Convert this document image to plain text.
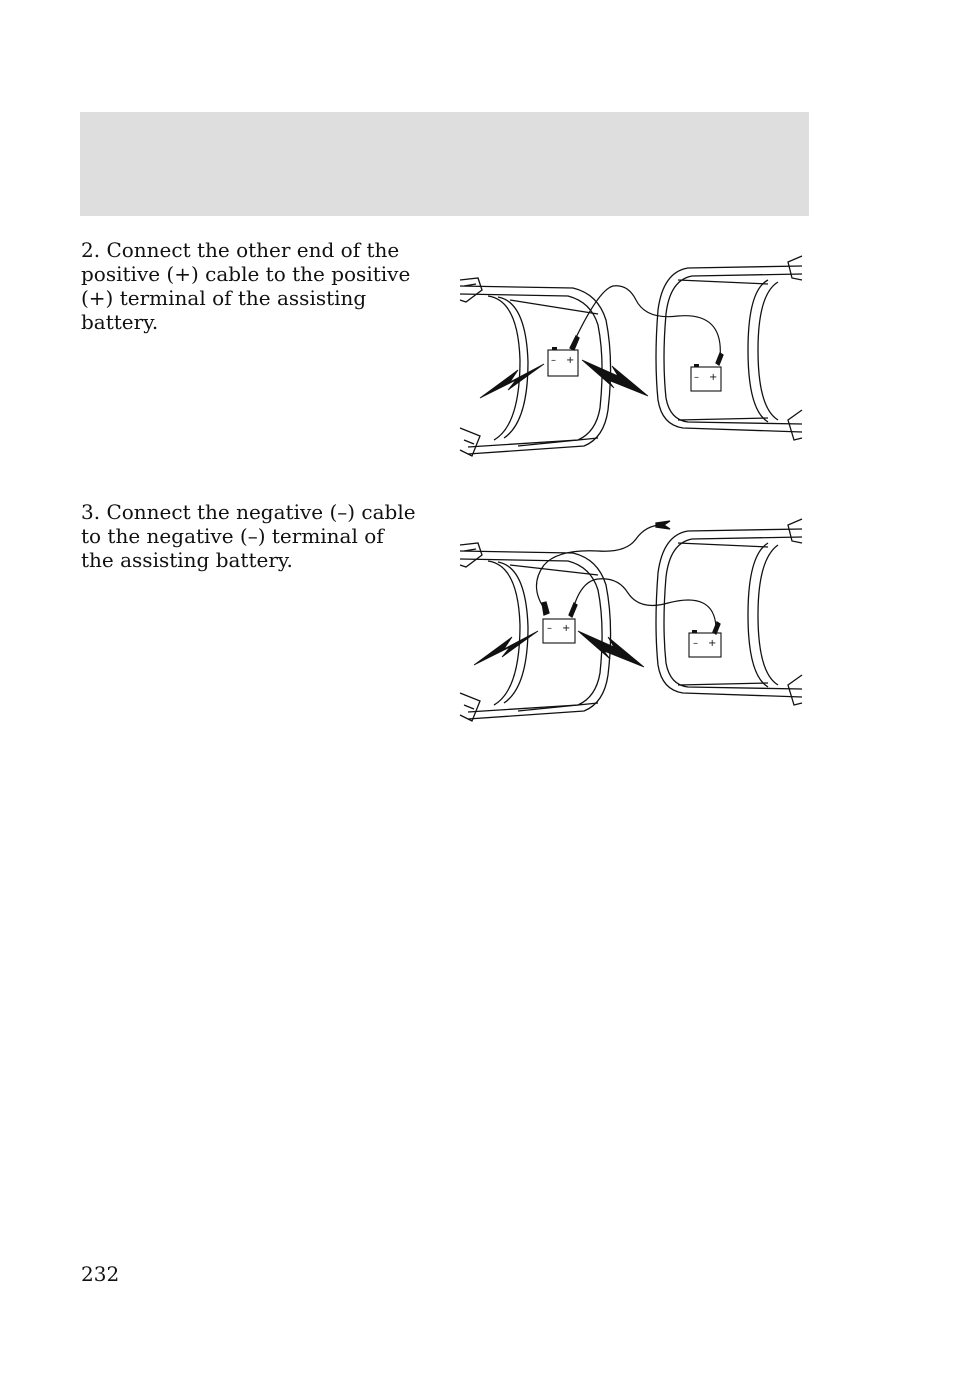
2. Connect the other end of the positive (+) cable to the positive (+) terminal of the assisting battery.

– +
– +

3. Connect the negative (–) cable to the negative (–) terminal of the assisting battery.

– +
– +
232
